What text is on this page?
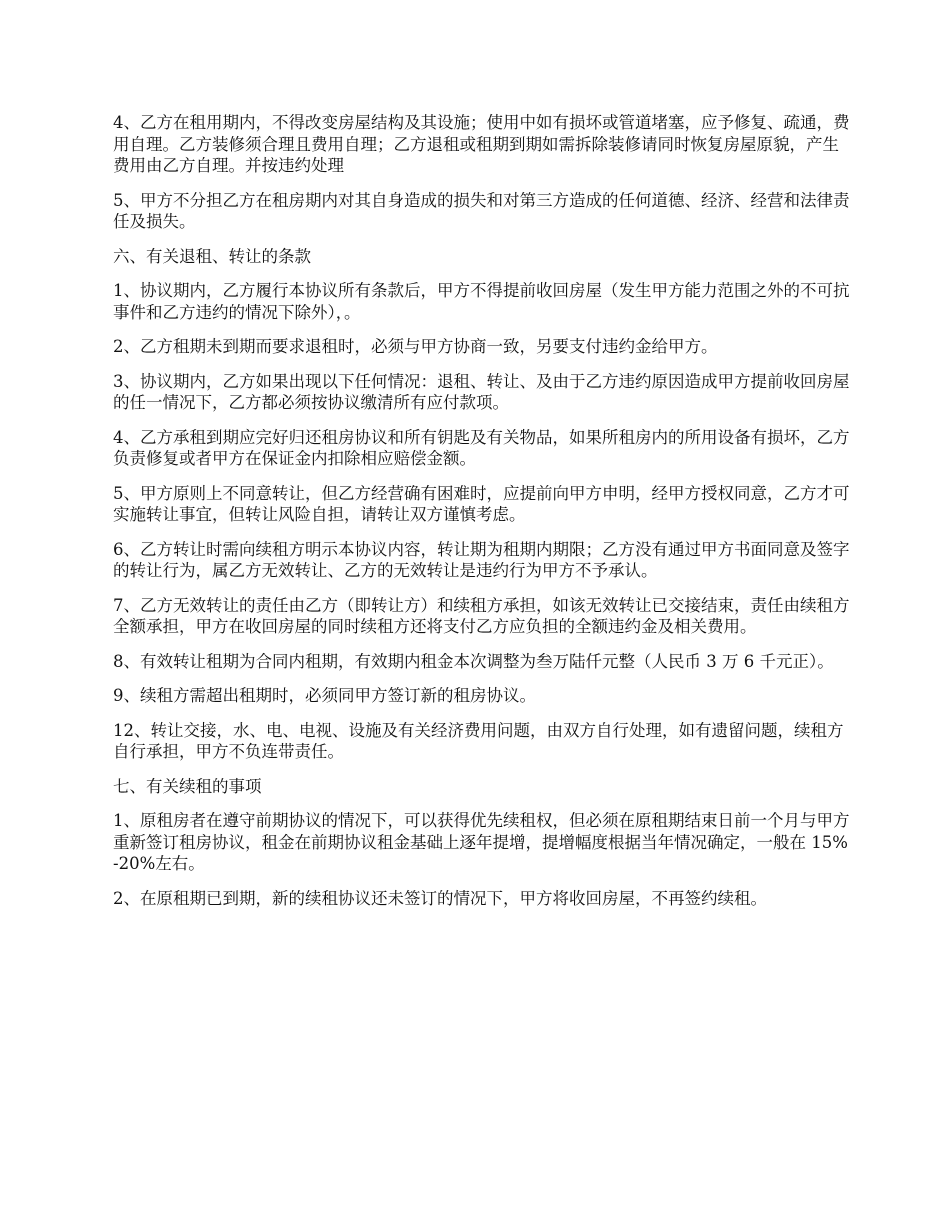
4、乙方在租用期内，不得改变房屋结构及其设施；使用中如有损坏或管道堵塞，应予修复、疏通，费用自理。乙方装修须合理且费用自理；乙方退租或租期到期如需拆除装修请同时恢复房屋原貌，产生费用由乙方自理。并按违约处理

5、甲方不分担乙方在租房期内对其自身造成的损失和对第三方造成的任何道德、经济、经营和法律责任及损失。

六、有关退租、转让的条款

1、协议期内，乙方履行本协议所有条款后，甲方不得提前收回房屋（发生甲方能力范围之外的不可抗事件和乙方违约的情况下除外），。

2、乙方租期未到期而要求退租时，必须与甲方协商一致，另要支付违约金给甲方。

3、协议期内，乙方如果出现以下任何情况：退租、转让、及由于乙方违约原因造成甲方提前收回房屋的任一情况下，乙方都必须按协议缴清所有应付款项。

4、乙方承租到期应完好归还租房协议和所有钥匙及有关物品，如果所租房内的所用设备有损坏，乙方负责修复或者甲方在保证金内扣除相应赔偿金额。

5、甲方原则上不同意转让，但乙方经营确有困难时，应提前向甲方申明，经甲方授权同意，乙方才可实施转让事宜，但转让风险自担，请转让双方谨慎考虑。

6、乙方转让时需向续租方明示本协议内容，转让期为租期内期限；乙方没有通过甲方书面同意及签字的转让行为，属乙方无效转让、乙方的无效转让是违约行为甲方不予承认。

7、乙方无效转让的责任由乙方（即转让方）和续租方承担，如该无效转让已交接结束，责任由续租方全额承担，甲方在收回房屋的同时续租方还将支付乙方应负担的全额违约金及相关费用。

8、有效转让租期为合同内租期，有效期内租金本次调整为叁万陆仟元整（人民币 3 万 6 千元正）。

9、续租方需超出租期时，必须同甲方签订新的租房协议。

12、转让交接，水、电、电视、设施及有关经济费用问题，由双方自行处理，如有遗留问题，续租方自行承担，甲方不负连带责任。

七、有关续租的事项

1、原租房者在遵守前期协议的情况下，可以获得优先续租权，但必须在原租期结束日前一个月与甲方重新签订租房协议，租金在前期协议租金基础上逐年提增，提增幅度根据当年情况确定，一般在 15%-20%左右。

2、在原租期已到期，新的续租协议还未签订的情况下，甲方将收回房屋，不再签约续租。
